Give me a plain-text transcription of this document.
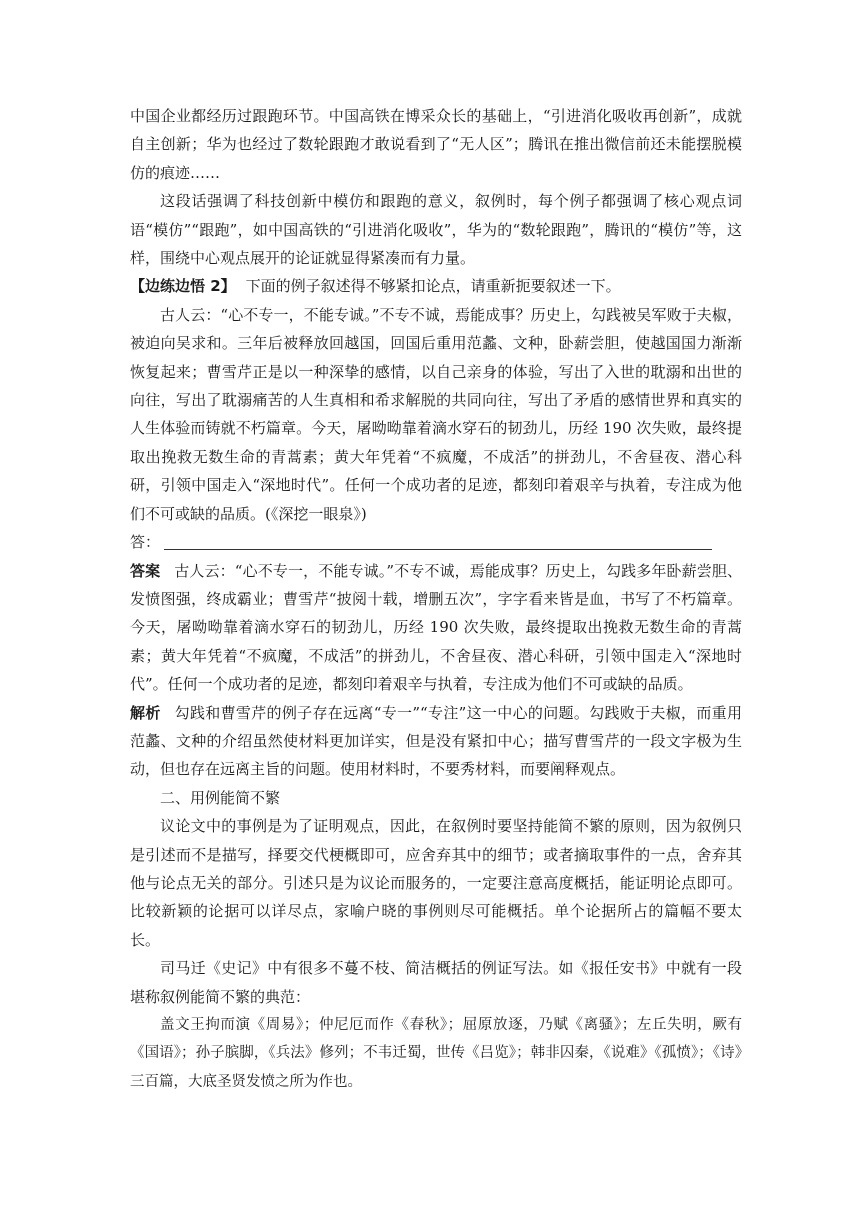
中国企业都经历过跟跑环节。中国高铁在博采众长的基础上，“引进消化吸收再创新”，成就自主创新；华为也经过了数轮跟跑才敢说看到了“无人区”；腾讯在推出微信前还未能摆脱模仿的痕迹……

这段话强调了科技创新中模仿和跟跑的意义，叙例时，每个例子都强调了核心观点词语“模仿”“跟跑”，如中国高铁的“引进消化吸收”，华为的“数轮跟跑”，腾讯的“模仿”等，这样，围绕中心观点展开的论证就显得紧凑而有力量。

【边练边悟 2】 下面的例子叙述得不够紧扣论点，请重新扼要叙述一下。

古人云：“心不专一，不能专诚。”不专不诚，焉能成事？历史上，勾践被吴军败于夫椒，被迫向吴求和。三年后被释放回越国，回国后重用范蠡、文种，卧薪尝胆，使越国国力渐渐恢复起来；曹雪芹正是以一种深挚的感情，以自己亲身的体验，写出了入世的耽溺和出世的向往，写出了耽溺痛苦的人生真相和希求解脱的共同向往，写出了矛盾的感情世界和真实的人生体验而铸就不朽篇章。今天，屠呦呦靠着滴水穿石的韧劲儿，历经 190 次失败，最终提取出挽救无数生命的青蒿素；黄大年凭着“不疯魔，不成活”的拼劲儿，不舍昼夜、潜心科研，引领中国走入“深地时代”。任何一个成功者的足迹，都刻印着艰辛与执着，专注成为他们不可或缺的品质。(《深挖一眼泉》)

答：

答案 古人云：“心不专一，不能专诚。”不专不诚，焉能成事？历史上，勾践多年卧薪尝胆、发愤图强，终成霸业；曹雪芹“披阅十载，增删五次”，字字看来皆是血，书写了不朽篇章。今天，屠呦呦靠着滴水穿石的韧劲儿，历经 190 次失败，最终提取出挽救无数生命的青蒿素；黄大年凭着“不疯魔，不成活”的拼劲儿，不舍昼夜、潜心科研，引领中国走入“深地时代”。任何一个成功者的足迹，都刻印着艰辛与执着，专注成为他们不可或缺的品质。

解析 勾践和曹雪芹的例子存在远离“专一”“专注”这一中心的问题。勾践败于夫椒，而重用范蠡、文种的介绍虽然使材料更加详实，但是没有紧扣中心；描写曹雪芹的一段文字极为生动，但也存在远离主旨的问题。使用材料时，不要秀材料，而要阐释观点。

二、用例能简不繁

议论文中的事例是为了证明观点，因此，在叙例时要坚持能简不繁的原则，因为叙例只是引述而不是描写，择要交代梗概即可，应舍弃其中的细节；或者摘取事件的一点，舍弃其他与论点无关的部分。引述只是为议论而服务的，一定要注意高度概括，能证明论点即可。比较新颖的论据可以详尽点，家喻户晓的事例则尽可能概括。单个论据所占的篇幅不要太长。

司马迁《史记》中有很多不蔓不枝、简洁概括的例证写法。如《报任安书》中就有一段堪称叙例能简不繁的典范：

盖文王拘而演《周易》；仲尼厄而作《春秋》；屈原放逐，乃赋《离骚》；左丘失明，厥有《国语》；孙子膑脚，《兵法》修列；不韦迁蜀，世传《吕览》；韩非囚秦，《说难》《孤愤》；《诗》三百篇，大底圣贤发愤之所为作也。
